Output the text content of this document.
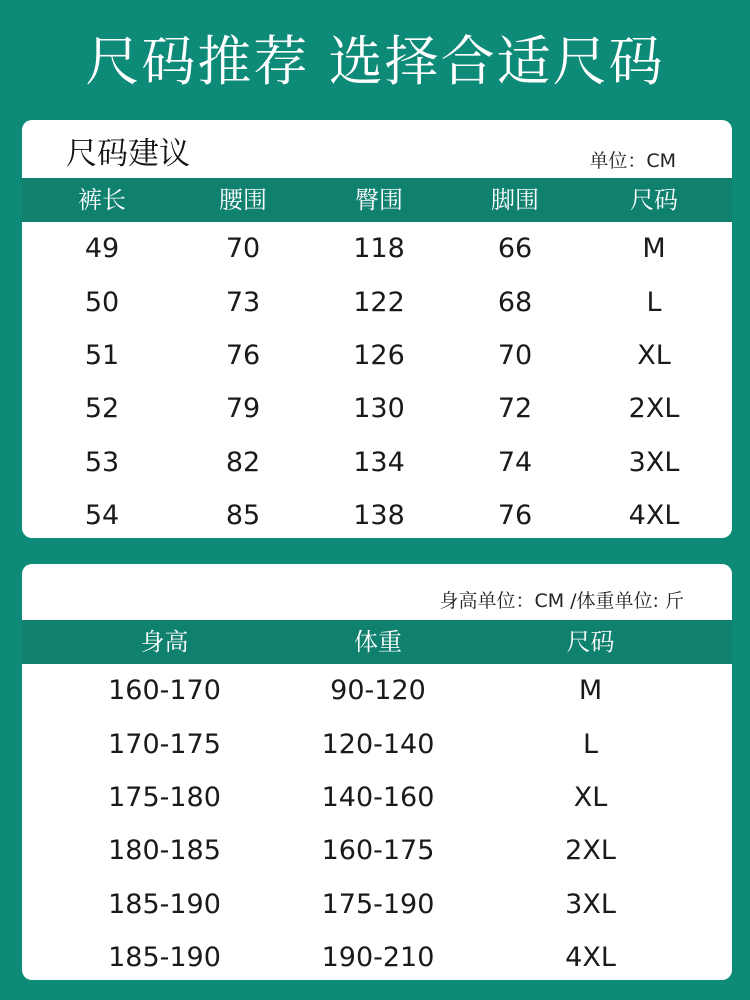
尺码推荐 选择合适尺码
尺码建议	单位：CM
裤长	腰围	臀围	脚围	尺码
49	70	118	66	M
50	73	122	68	L
51	76	126	70	XL
52	79	130	72	2XL
53	82	134	74	3XL
54	85	138	76	4XL
身高单位：CM /体重单位: 斤
身高	体重	尺码
160-170	90-120	M
170-175	120-140	L
175-180	140-160	XL
180-185	160-175	2XL
185-190	175-190	3XL
185-190	190-210	4XL
